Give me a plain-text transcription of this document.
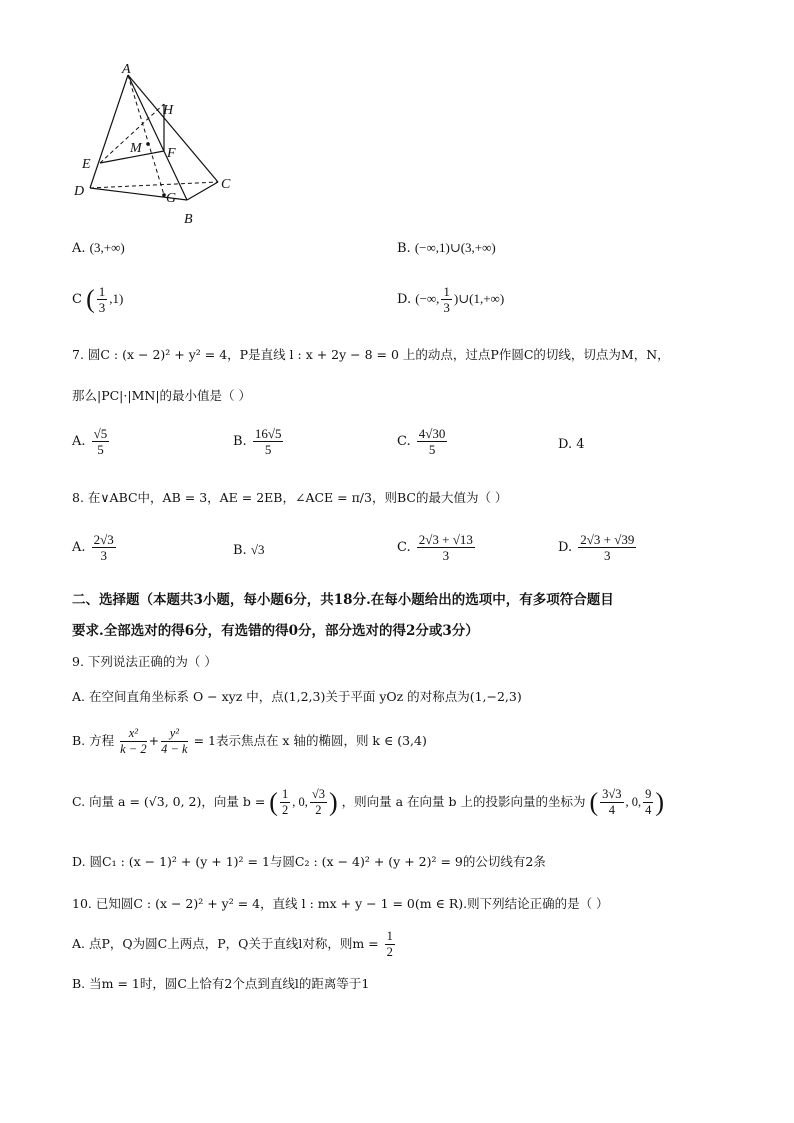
A
H
M F
E
C
D	G
B
A. (3,+∞)	B. (−∞,1)∪(3,+∞)
C ( $\frac{1}{3} ,1$)	D. (−∞, $\frac{1}{3}$ )∪(1,+∞)
7. 圆C : (x − 2)² + y² = 4，P是直线 l : x + 2y − 8 = 0 上的动点，过点P作圆C的切线，切点为M，N，
那么|PC|·|MN|的最小值是（ ）
A. $\frac{√5}{5}$	B. $\frac{16√5}{5}$	C. $\frac{4√30}{5}$	D. 4
8. 在∨ABC中，AB = 3，AE = 2EB，∠ACE = π/3，则BC的最大值为（ ）
A. $\frac{2√3}{3}$	B. √3	C. $\frac{2√3 + √13}{3}$	D. $\frac{2√3 + √39}{3}$
二、选择题（本题共3小题，每小题6分，共18分.在每小题给出的选项中，有多项符合题目
要求.全部选对的得6分，有选错的得0分，部分选对的得2分或3分）
9. 下列说法正确的为（ ）
A. 在空间直角坐标系 O − xyz 中，点(1,2,3)关于平面 yOz 的对称点为(1,−2,3)
B. 方程 $\frac{\text{x²}}{k - 2} + \frac{\text{y²}}{4 - k} = 1$表示焦点在 x 轴的椭圆，则 k ∈ (3,4)
C. 向量 a = (√3, 0, 2)，向量 b = ( $\frac{1}{2}$ , 0, $\frac{√3}{2}$ ) ，则向量 a 在向量 b 上的投影向量的坐标为 ( $\frac{3√3}{4}$ , 0, $\frac{9}{4}$ )
D. 圆C₁ : (x − 1)² + (y + 1)² = 1与圆C₂ : (x − 4)² + (y + 2)² = 9的公切线有2条
10. 已知圆C : (x − 2)² + y² = 4，直线 l : mx + y − 1 = 0(m ∈ R).则下列结论正确的是（ ）
A. 点P，Q为圆C上两点，P，Q关于直线l对称，则$m = \frac{1}{2}$
B. 当m = 1时，圆C上恰有2个点到直线l的距离等于1
